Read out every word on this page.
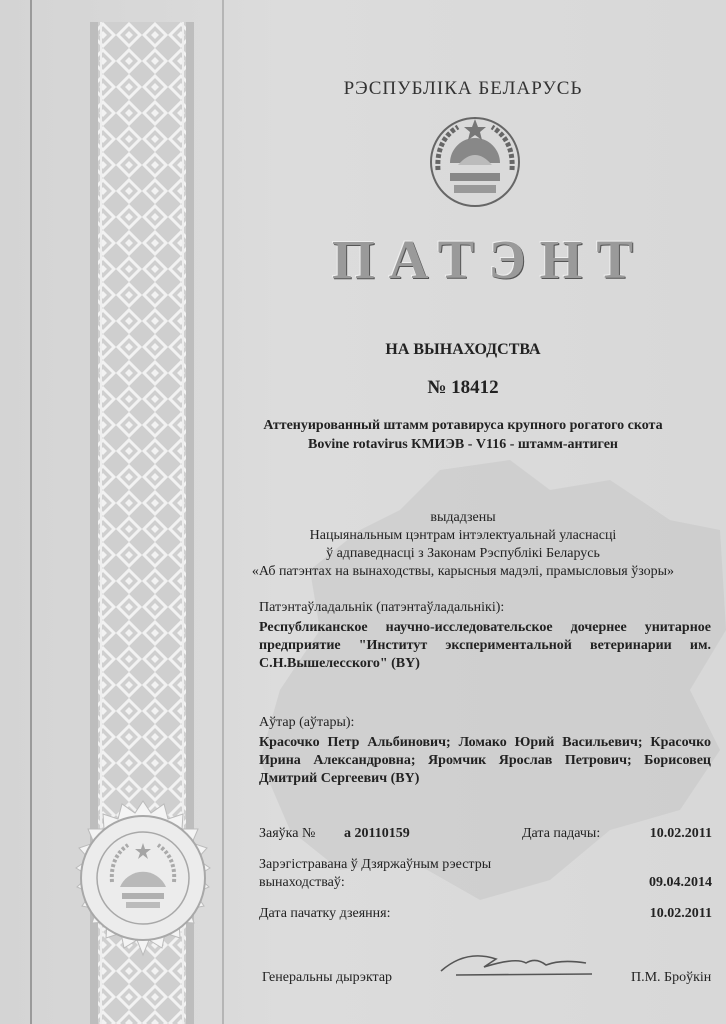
РЭСПУБЛІКА БЕЛАРУСЬ
ПАТЭНТ
НА ВЫНАХОДСТВА
№ 18412
Аттенуированный штамм ротавируса крупного рогатого скота
Bovine rotavirus КМИЭВ - V116 - штамм-антиген
выдадзены
Нацыянальным цэнтрам інтэлектуальнай уласнасці
ў адпаведнасці з Законам Рэспублікі Беларусь
«Аб патэнтах на вынаходствы, карысныя мадэлі, прамысловыя ўзоры»
Патэнтаўладальнік (патэнтаўладальнікі):
Республиканское научно-исследовательское дочернее унитарное предприятие "Институт экспериментальной ветеринарии им. С.Н.Вышелесского" (BY)
Аўтар (аўтары):
Красочко Петр Альбинович; Ломако Юрий Васильевич; Красочко Ирина Александровна; Яромчик Ярослав Петрович; Борисовец Дмитрий Сергеевич (BY)
Заяўка № a 20110159	Дата падачы:	10.02.2011
Зарэгістравана ў Дзяржаўным рэестры
вынаходстваў:	09.04.2014
Дата пачатку дзеяння:	10.02.2011
Генеральны дырэктар	П.М. Броўкін
